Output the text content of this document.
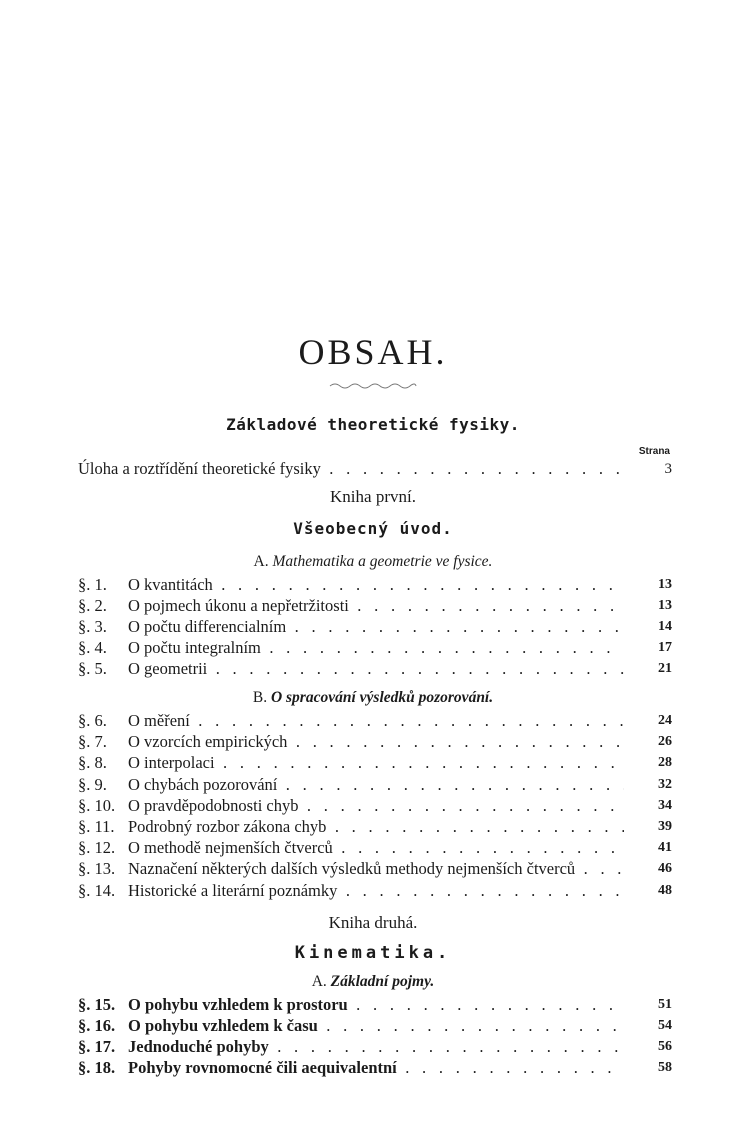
OBSAH.
Základové theoretické fysiky.
Strana
Úloha a roztřídění theoretické fysiky . . .	3
Kniha první.
Všeobecný úvod.
A. Mathematika a geometrie ve fysice.
§. 1. O kvantitách . . .	13
§. 2. O pojmech úkonu a nepřetržitosti . . .	13
§. 3. O počtu differencialním . . .	14
§. 4. O počtu integralním . . .	17
§. 5. O geometrii . . .	21
B. O spracování výsledků pozorování.
§. 6. O měření . . .	24
§. 7. O vzorcích empirických . . .	26
§. 8. O interpolaci . . .	28
§. 9. O chybách pozorování . . .	32
§. 10. O pravděpodobnosti chyb . . .	34
§. 11. Podrobný rozbor zákona chyb . . .	39
§. 12. O methodě nejmenších čtverců . . .	41
§. 13. Naznačení některých dalších výsledků methody nejmenších čtverců . . .	46
§. 14. Historické a literární poznámky . . .	48
Kniha druhá.
Kinematika.
A. Základní pojmy.
§. 15. O pohybu vzhledem k prostoru . . .	51
§. 16. O pohybu vzhledem k času . . .	54
§. 17. Jednoduché pohyby . . .	56
§. 18. Pohyby rovnomocné čili aequivalentní . . .	58
